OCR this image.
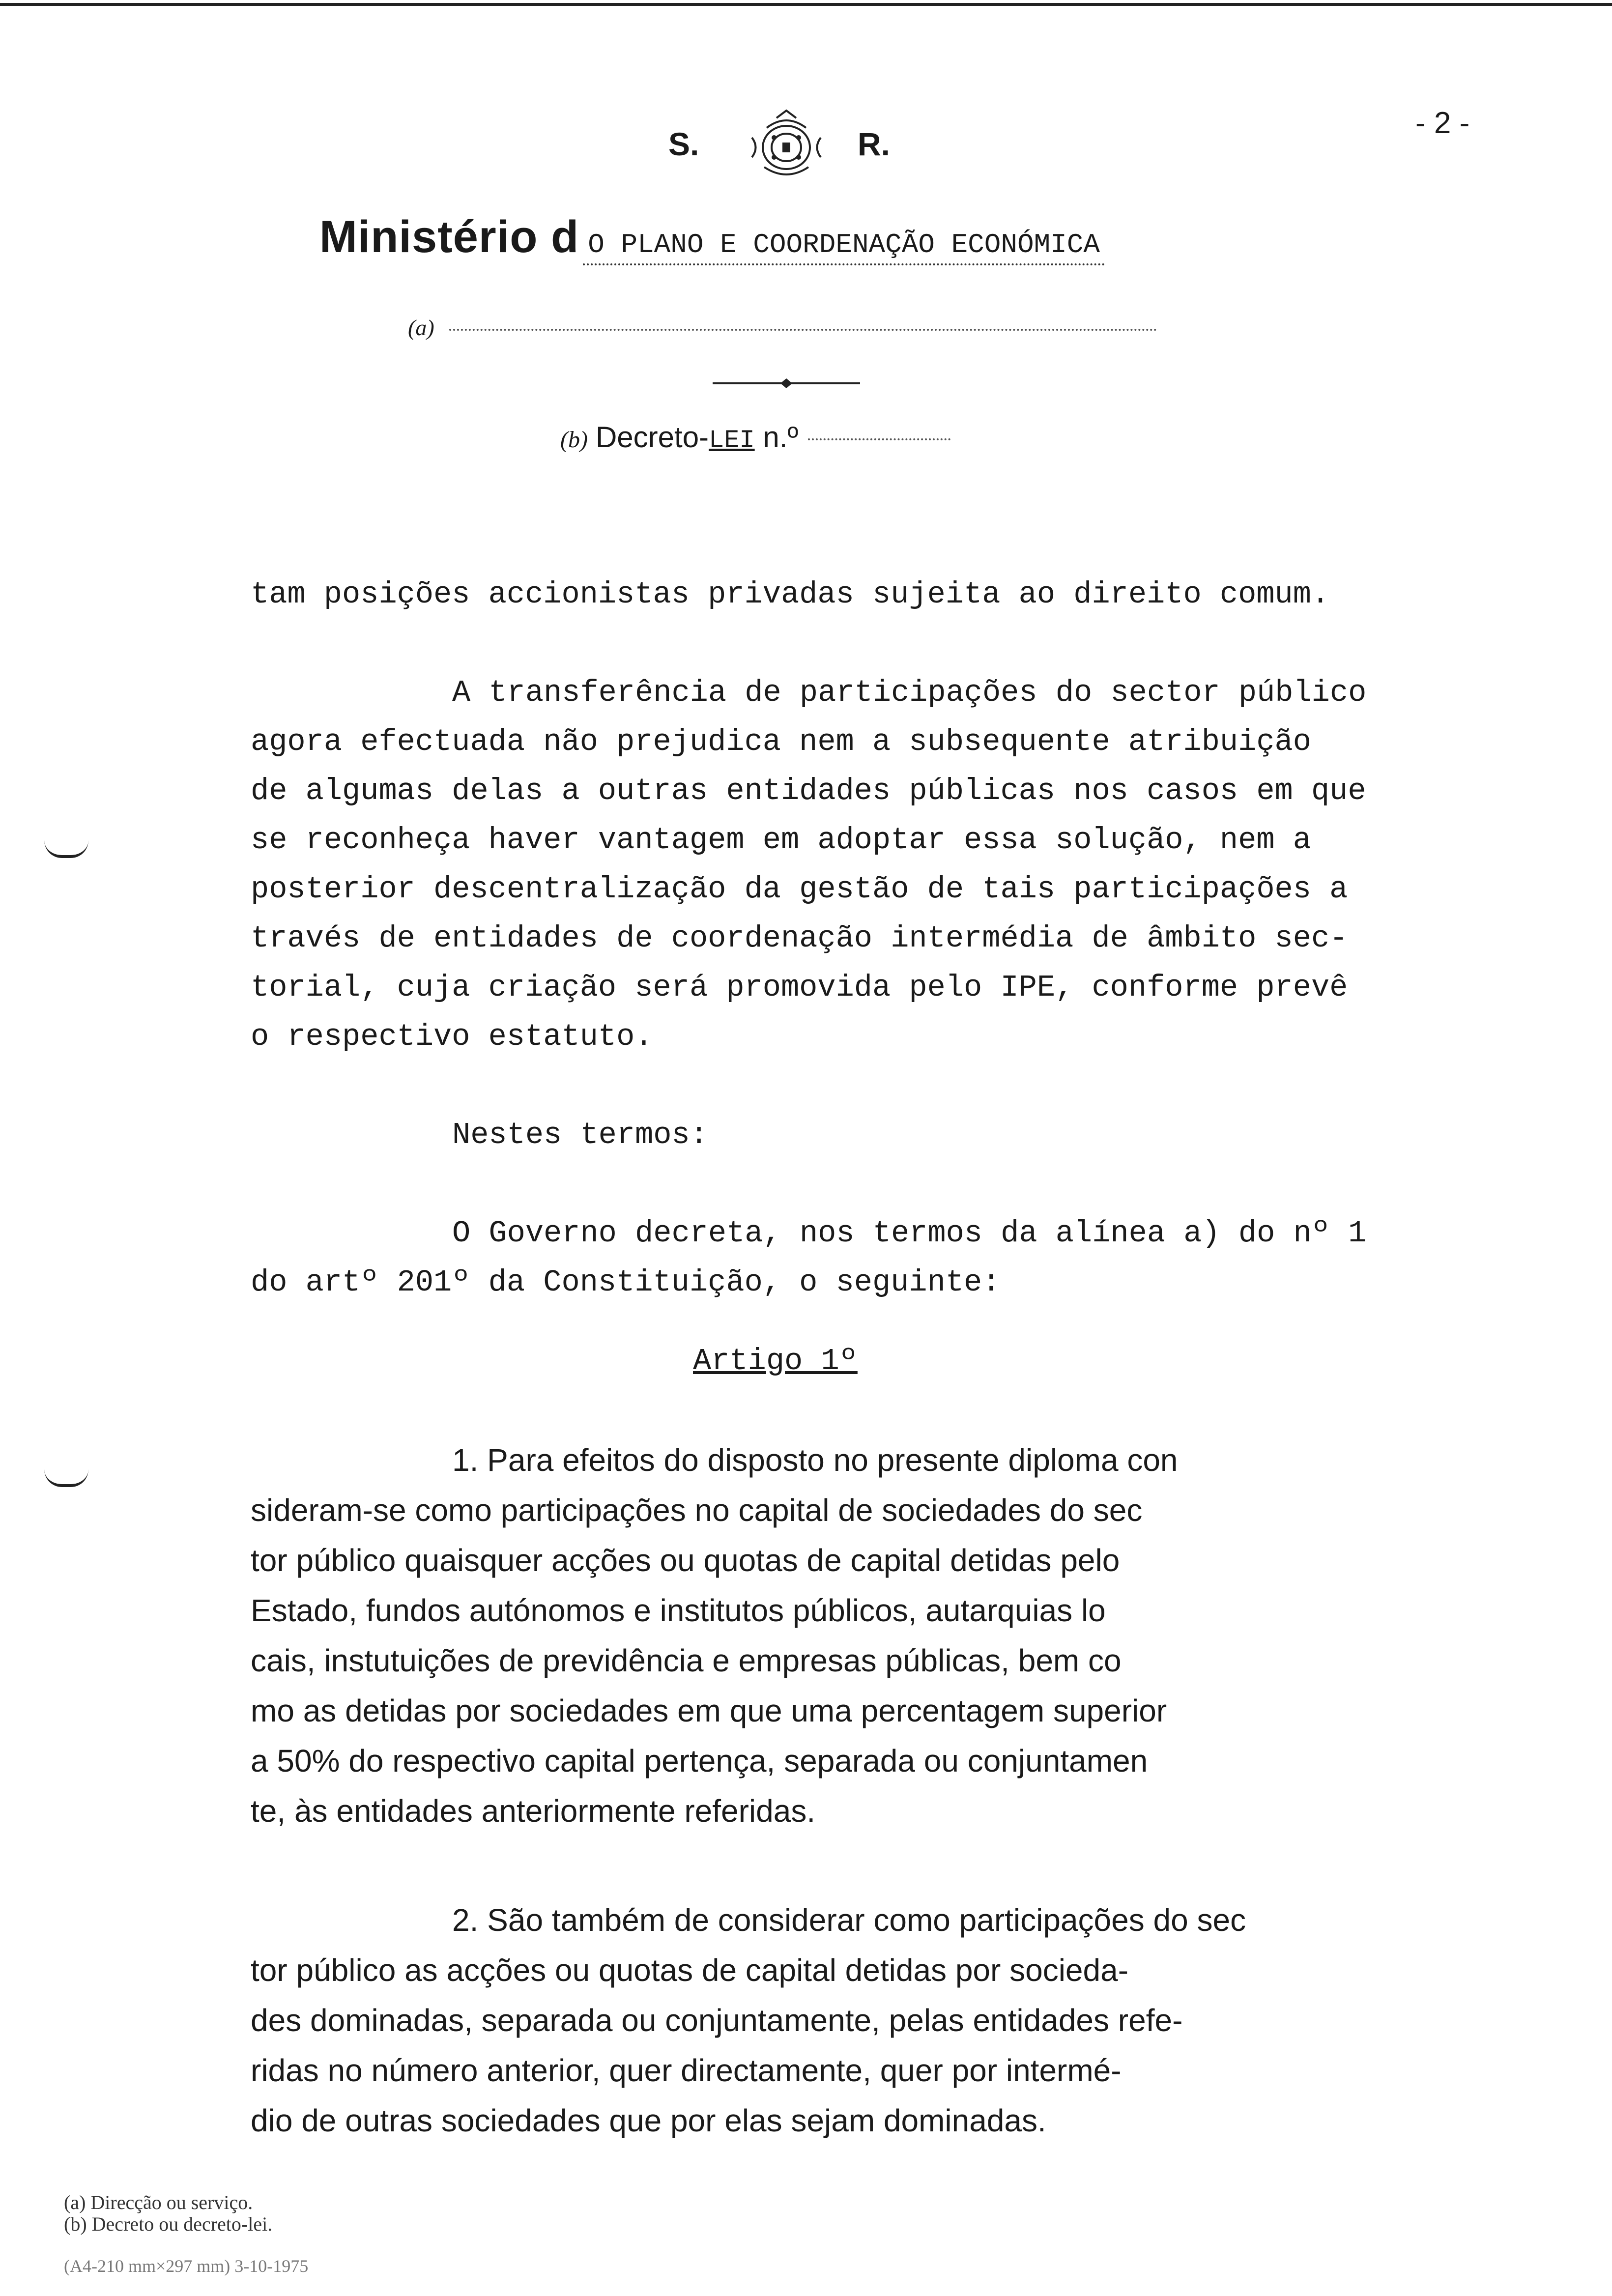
- 2 -
S.	R.
Ministério d O PLANO E COORDENAÇÃO ECONÓMICA
(a)
(b) Decreto-LEI n.º

tam posições accionistas privadas sujeita ao direito comum.

A transferência de participações do sector público

agora efectuada não prejudica nem a subsequente atribuição

de algumas delas a outras entidades públicas nos casos em que

se reconheça haver vantagem em adoptar essa solução, nem a

posterior descentralização da gestão de tais participações a

través de entidades de coordenação intermédia de âmbito sec-

torial, cuja criação será promovida pelo IPE, conforme prevê

o respectivo estatuto.

Nestes termos:

O Governo decreta, nos termos da alínea a) do nº 1

do artº 201º da Constituição, o seguinte:

Artigo 1º

1. Para efeitos do disposto no presente diploma con

sideram-se como participações no capital de sociedades do sec

tor público quaisquer acções ou quotas de capital detidas pelo

Estado, fundos autónomos e institutos públicos, autarquias lo

cais, instutuições de previdência e empresas públicas, bem co

mo as detidas por sociedades em que uma percentagem superior

a 50% do respectivo capital pertença, separada ou conjuntamen

te, às entidades anteriormente referidas.

2. São também de considerar como participações do sec

tor público as acções ou quotas de capital detidas por socieda-

des dominadas, separada ou conjuntamente, pelas entidades refe-

ridas no número anterior, quer directamente, quer por intermé-

dio de outras sociedades que por elas sejam dominadas.

(a) Direcção ou serviço.
(b) Decreto ou decreto-lei.
(A4-210 mm×297 mm) 3-10-1975
